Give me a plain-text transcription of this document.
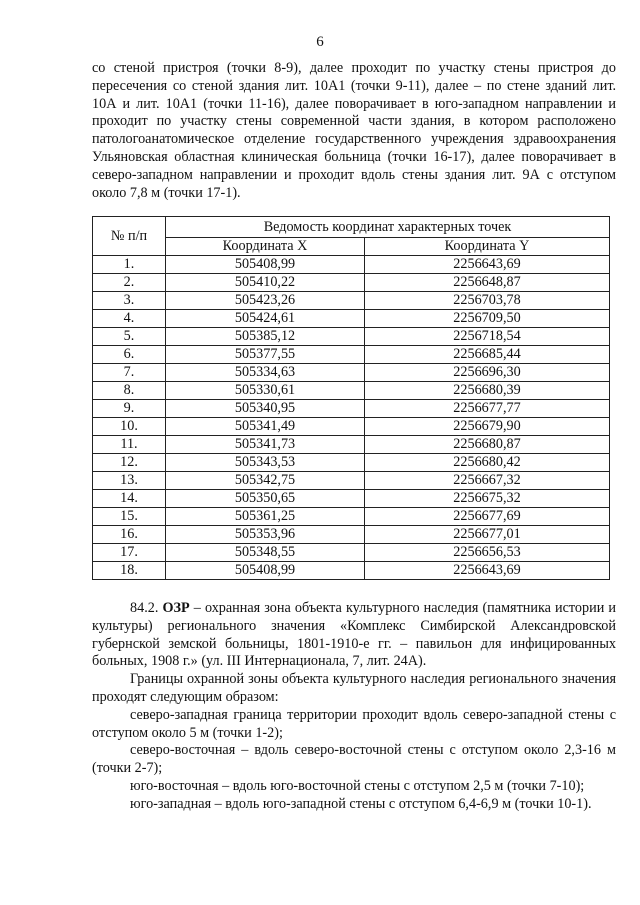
6

со стеной пристроя (точки 8-9), далее проходит по участку стены пристроя до пересечения со стеной здания лит. 10А1 (точки 9-11), далее – по стене зданий лит. 10А и лит. 10А1 (точки 11-16), далее поворачивает в юго-западном направлении и проходит по участку стены современной части здания, в котором расположено патологоанатомическое отделение государственного учреждения здравоохранения Ульяновская областная клиническая больница (точки 16-17), далее поворачивает в северо-западном направлении и проходит вдоль стены здания лит. 9А с отступом около 7,8 м (точки 17-1).

№ п/п	Ведомость координат характерных точек	
	Координата X	Координата Y
1.	505408,99	2256643,69
2.	505410,22	2256648,87
3.	505423,26	2256703,78
4.	505424,61	2256709,50
5.	505385,12	2256718,54
6.	505377,55	2256685,44
7.	505334,63	2256696,30
8.	505330,61	2256680,39
9.	505340,95	2256677,77
10.	505341,49	2256679,90
11.	505341,73	2256680,87
12.	505343,53	2256680,42
13.	505342,75	2256667,32
14.	505350,65	2256675,32
15.	505361,25	2256677,69
16.	505353,96	2256677,01
17.	505348,55	2256656,53
18.	505408,99	2256643,69

84.2. ОЗР – охранная зона объекта культурного наследия (памятника истории и культуры) регионального значения «Комплекс Симбирской Александровской губернской земской больницы, 1801-1910-е гг. – павильон для инфицированных больных, 1908 г.» (ул. III Интернационала, 7, лит. 24А).

Границы охранной зоны объекта культурного наследия регионального значения проходят следующим образом:

северо-западная граница территории проходит вдоль северо-западной стены с отступом около 5 м (точки 1-2);

северо-восточная – вдоль северо-восточной стены с отступом около 2,3-16 м (точки 2-7);

юго-восточная – вдоль юго-восточной стены с отступом 2,5 м (точки 7-10);

юго-западная – вдоль юго-западной стены с отступом 6,4-6,9 м (точки 10-1).
